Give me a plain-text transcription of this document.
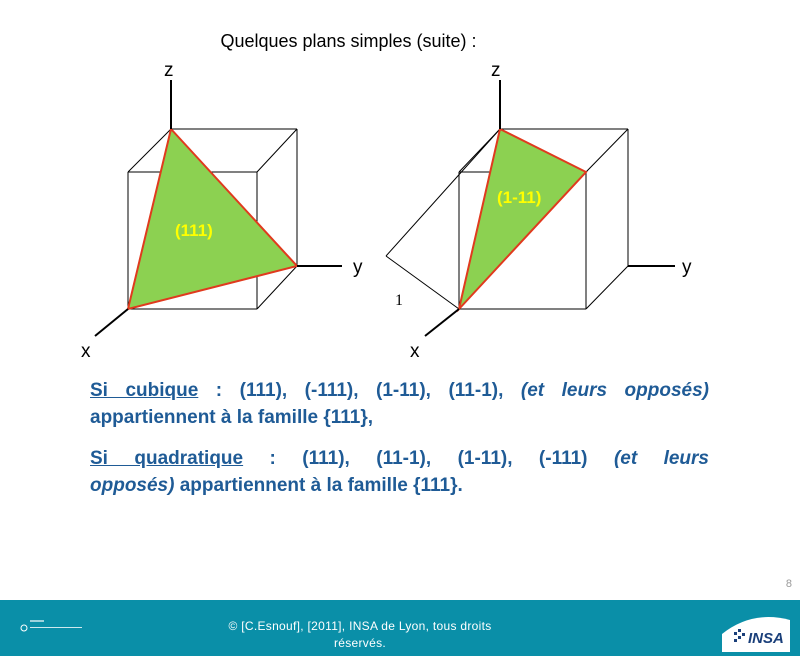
Quelques plans simples (suite) :
z
y
x
(111)
z
y
x
1
(1-11)
Si cubique : (111), (-111), (1-11), (11-1), (et leurs opposés) appartiennent à la famille {111},
Si quadratique : (111), (11-1), (1-11), (-111) (et leurs opposés) appartiennent à la famille {111}.
8
© [C.Esnouf], [2011], INSA de Lyon, tous droits
réservés.	INSA
